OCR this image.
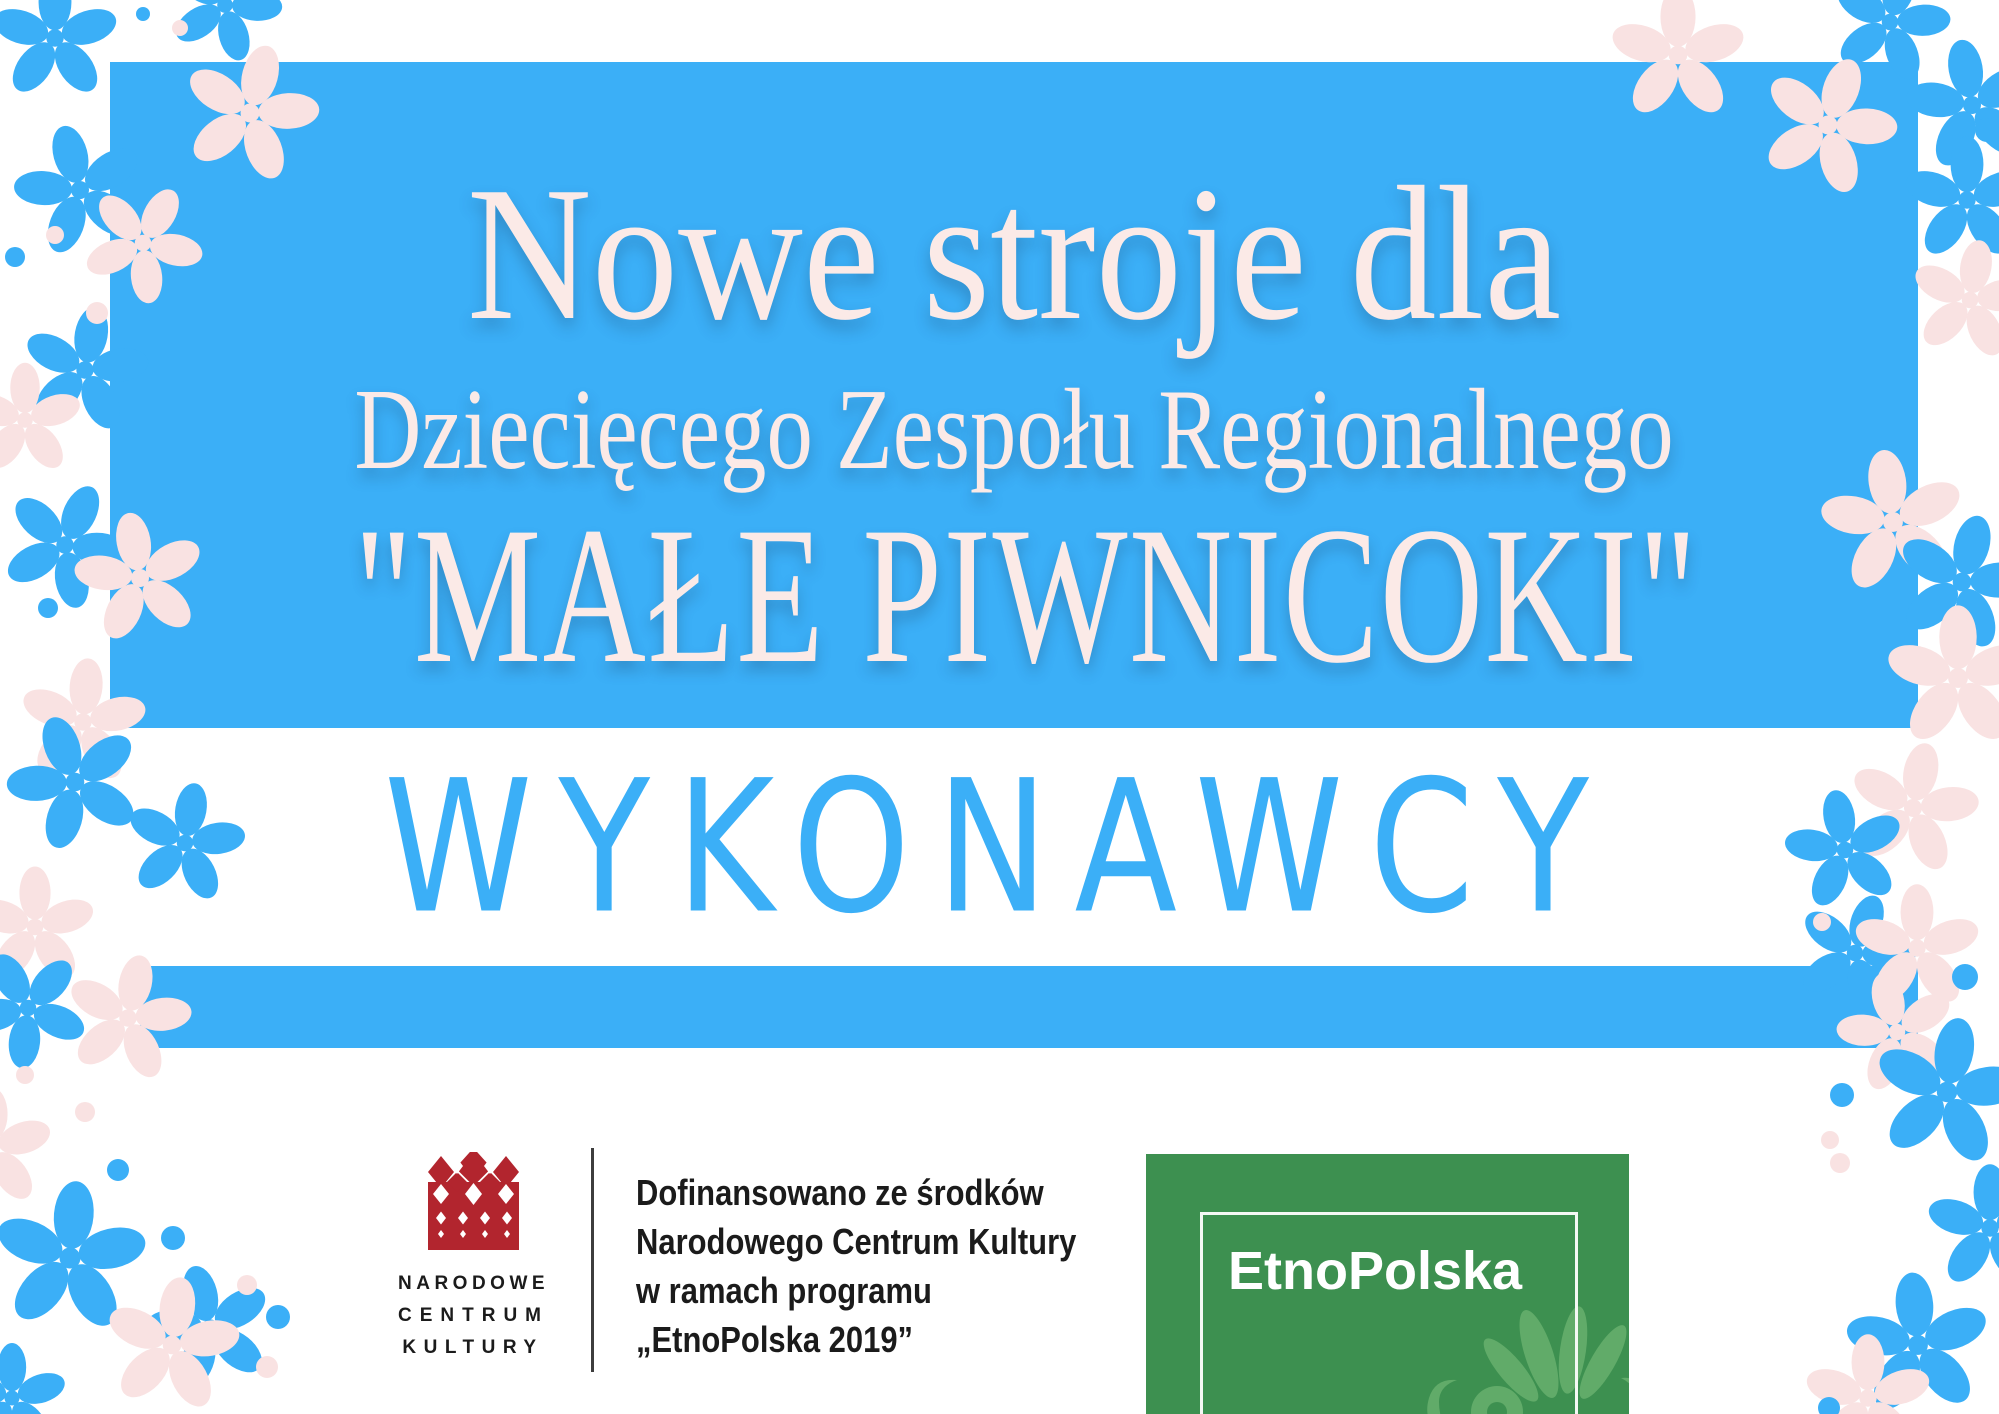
Nowe stroje dla
Dziecięcego Zespołu Regionalnego
"MAŁE PIWNICOKI"
WYKONAWCY
NARODOWE
CENTRUM
KULTURY
Dofinansowano ze środków
Narodowego Centrum Kultury
w ramach programu
„EtnoPolska 2019”
EtnoPolska
